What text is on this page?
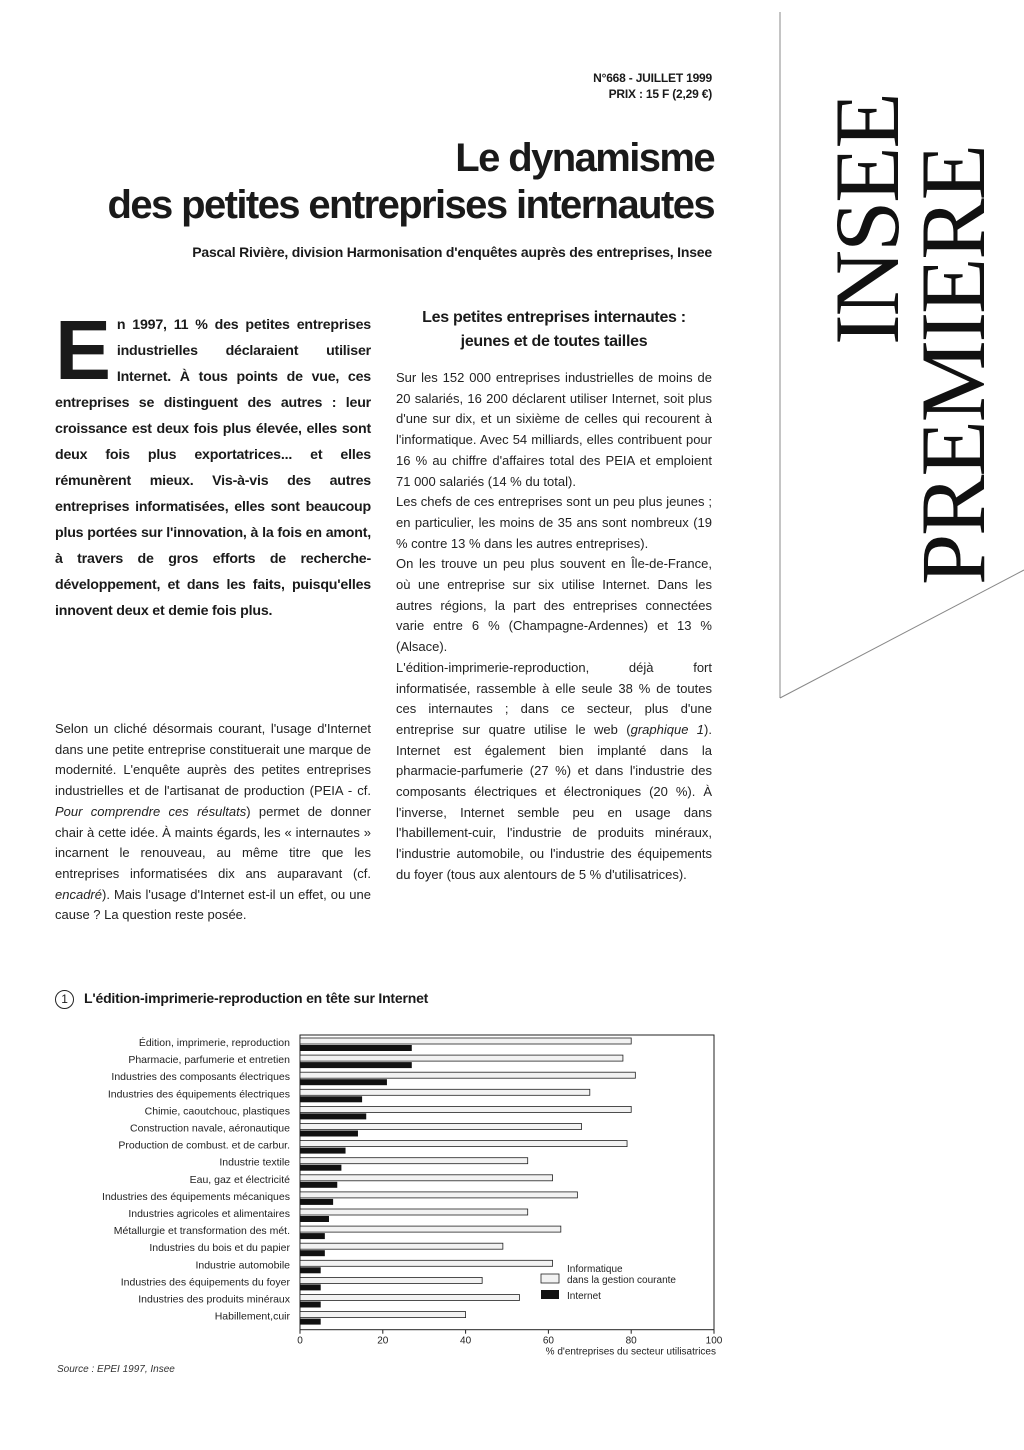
INSEE
PREMIERE
N°668 - JUILLET 1999
PRIX : 15 F (2,29 €)
Le dynamisme
des petites entreprises internautes
Pascal Rivière, division Harmonisation d'enquêtes auprès des entreprises, Insee
En 1997, 11 % des petites entreprises industrielles déclaraient utiliser Internet. À tous points de vue, ces entreprises se distinguent des autres : leur croissance est deux fois plus élevée, elles sont deux fois plus exportatrices... et elles rémunèrent mieux. Vis-à-vis des autres entreprises informatisées, elles sont beaucoup plus portées sur l'innovation, à la fois en amont, à travers de gros efforts de recherche-développement, et dans les faits, puisqu'elles innovent deux et demie fois plus.
Selon un cliché désormais courant, l'usage d'Internet dans une petite entreprise constituerait une marque de modernité. L'enquête auprès des petites entreprises industrielles et de l'artisanat de production (PEIA - cf. Pour comprendre ces résultats) permet de donner chair à cette idée. À maints égards, les « internautes » incarnent le renouveau, au même titre que les entreprises informatisées dix ans auparavant (cf. encadré). Mais l'usage d'Internet est-il un effet, ou une cause ? La question reste posée.
Les petites entreprises internautes : jeunes et de toutes tailles

Sur les 152 000 entreprises industrielles de moins de 20 salariés, 16 200 déclarent utiliser Internet, soit plus d'une sur dix, et un sixième de celles qui recourent à l'informatique. Avec 54 milliards, elles contribuent pour 16 % au chiffre d'affaires total des PEIA et emploient 71 000 salariés (14 % du total).

Les chefs de ces entreprises sont un peu plus jeunes ; en particulier, les moins de 35 ans sont nombreux (19 % contre 13 % dans les autres entreprises).

On les trouve un peu plus souvent en Île-de-France, où une entreprise sur six utilise Internet. Dans les autres régions, la part des entreprises connectées varie entre 6 % (Champagne-Ardennes) et 13 % (Alsace).

L'édition-imprimerie-reproduction, déjà fort informatisée, rassemble à elle seule 38 % de toutes ces internautes ; dans ce secteur, plus d'une entreprise sur quatre utilise le web (graphique 1). Internet est également bien implanté dans la pharmacie-parfumerie (27 %) et dans l'industrie des composants électriques et électroniques (20 %). À l'inverse, Internet semble peu en usage dans l'habillement-cuir, l'industrie de produits minéraux, l'industrie automobile, ou l'industrie des équipements du foyer (tous aux alentours de 5 % d'utilisatrices).

1 L'édition-imprimerie-reproduction en tête sur Internet
Édition, imprimerie, reproduction
Pharmacie, parfumerie et entretien
Industries des composants électriques
Industries des équipements électriques
Chimie, caoutchouc, plastiques
Construction navale, aéronautique
Production de combust. et de carbur.
Industrie textile
Eau, gaz et électricité
Industries des équipements mécaniques
Industries agricoles et alimentaires
Métallurgie et transformation des mét.
Industries du bois et du papier
Industrie automobile
Industries des équipements du foyer
Industries des produits minéraux
Habillement,cuir
0	20	40	60	80	100
% d'entreprises du secteur utilisatrices
Informatique
dans la gestion courante
Internet
Source : EPEI 1997, Insee
